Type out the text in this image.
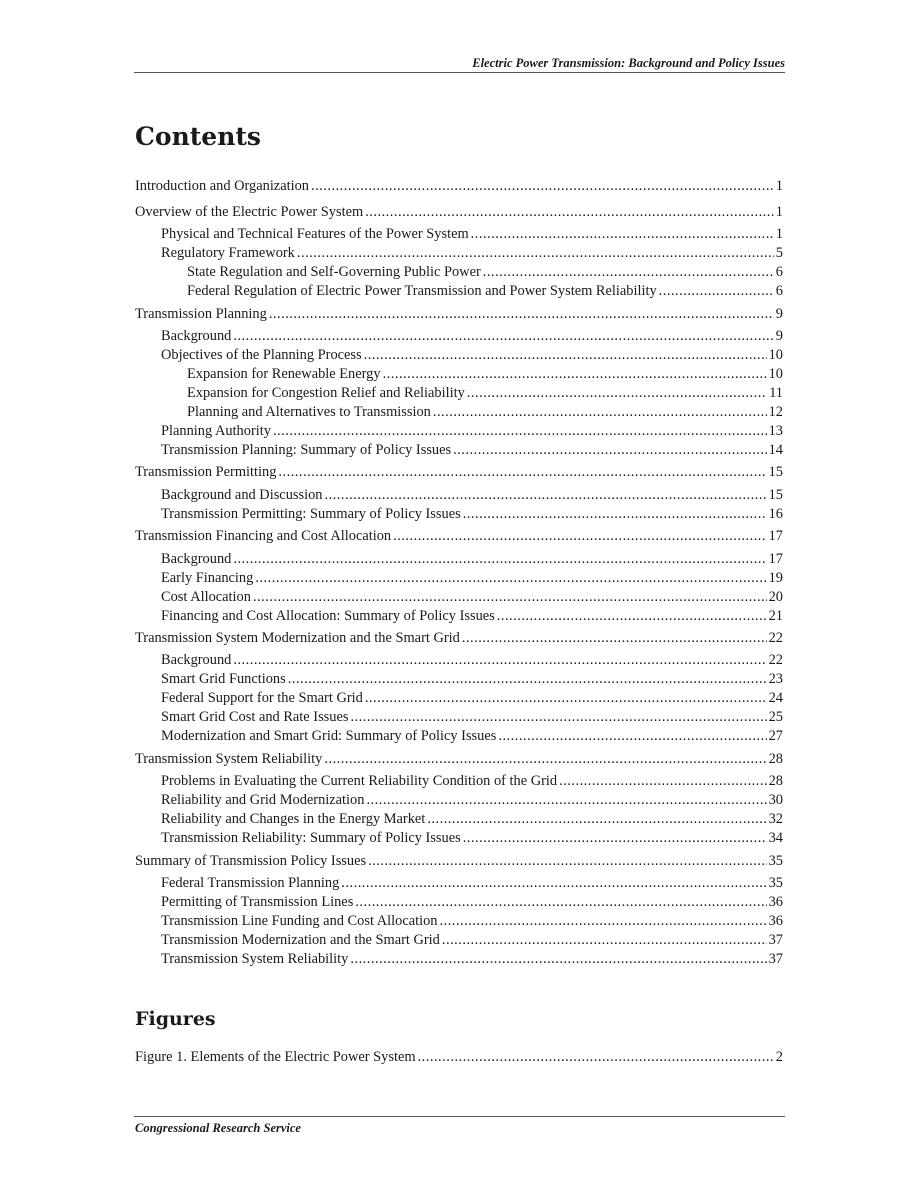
Electric Power Transmission: Background and Policy Issues
Contents
Introduction and Organization .....	1
Overview of the Electric Power System .....	1
Physical and Technical Features of the Power System .....	1
Regulatory Framework .....	5
State Regulation and Self-Governing Public Power .....	6
Federal Regulation of Electric Power Transmission and Power System Reliability .....	6
Transmission Planning .....	9
Background .....	9
Objectives of the Planning Process .....	10
Expansion for Renewable Energy .....	10
Expansion for Congestion Relief and Reliability .....	11
Planning and Alternatives to Transmission .....	12
Planning Authority .....	13
Transmission Planning: Summary of Policy Issues .....	14
Transmission Permitting .....	15
Background and Discussion .....	15
Transmission Permitting: Summary of Policy Issues .....	16
Transmission Financing and Cost Allocation .....	17
Background .....	17
Early Financing .....	19
Cost Allocation .....	20
Financing and Cost Allocation: Summary of Policy Issues .....	21
Transmission System Modernization and the Smart Grid .....	22
Background .....	22
Smart Grid Functions .....	23
Federal Support for the Smart Grid .....	24
Smart Grid Cost and Rate Issues .....	25
Modernization and Smart Grid: Summary of Policy Issues .....	27
Transmission System Reliability .....	28
Problems in Evaluating the Current Reliability Condition of the Grid .....	28
Reliability and Grid Modernization .....	30
Reliability and Changes in the Energy Market .....	32
Transmission Reliability: Summary of Policy Issues .....	34
Summary of Transmission Policy Issues .....	35
Federal Transmission Planning .....	35
Permitting of Transmission Lines .....	36
Transmission Line Funding and Cost Allocation .....	36
Transmission Modernization and the Smart Grid .....	37
Transmission System Reliability .....	37
Figures
Figure 1. Elements of the Electric Power System .....	2
Congressional Research Service
